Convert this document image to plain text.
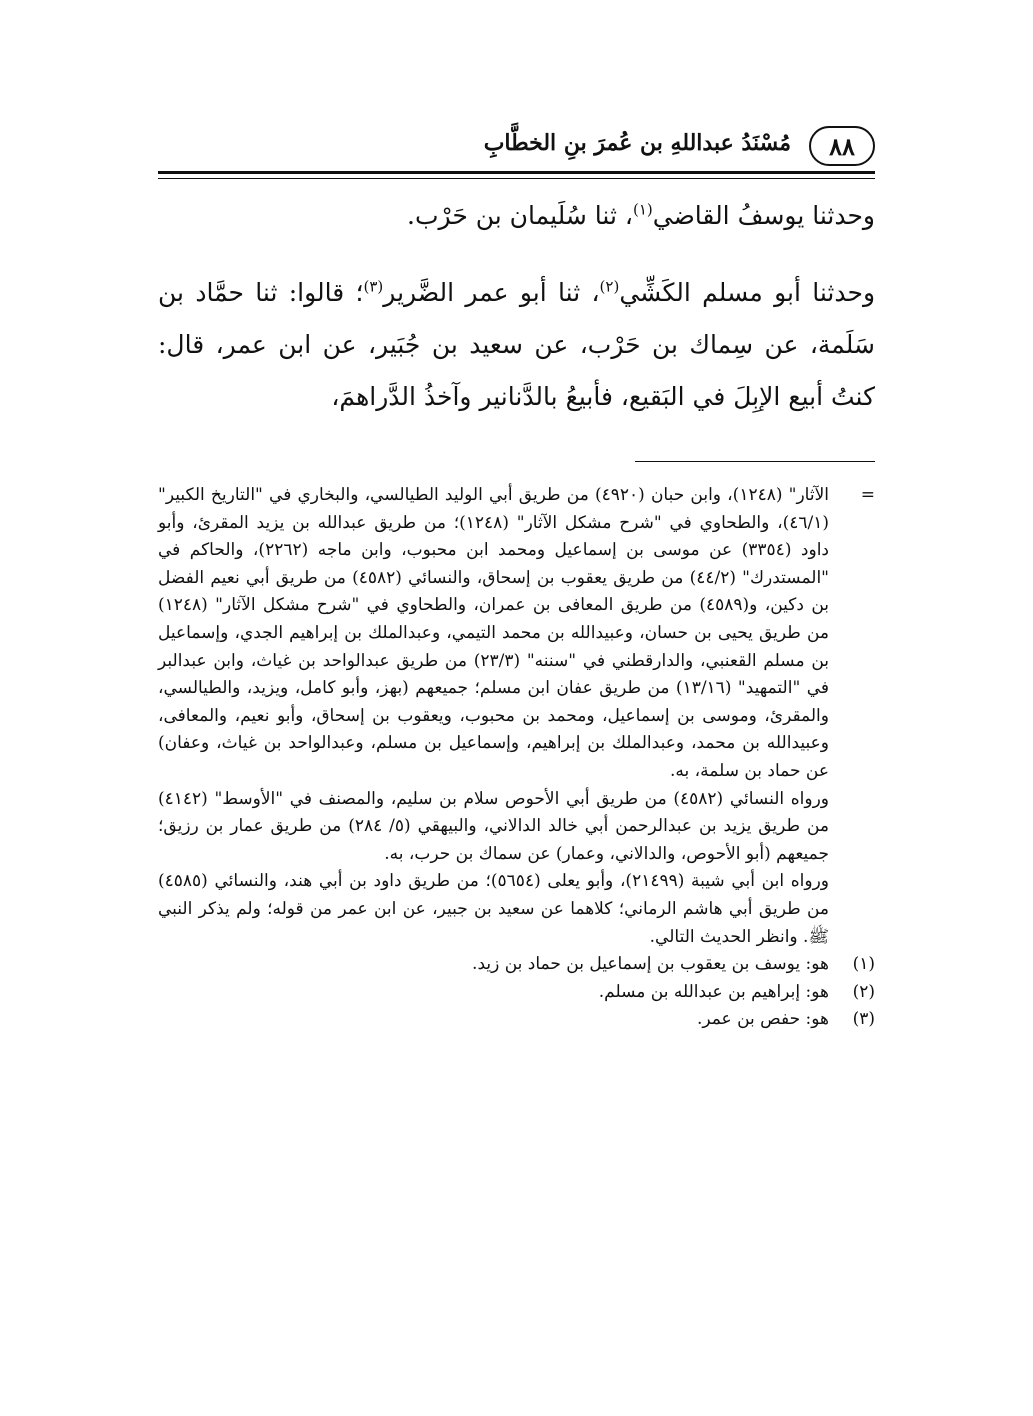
٨٨
مُسْنَدُ عبداللهِ بن عُمرَ بنِ الخطَّابِ

وحدثنا يوسفُ القاضي$^{(١)}$، ثنا سُلَيمان بن حَرْب.

وحدثنا أبو مسلم الكَشِّي$^{(٢)}$، ثنا أبو عمر الضَّرير$^{(٣)}$؛ قالوا: ثنا حمَّاد بن سَلَمة، عن سِماك بن حَرْب، عن سعيد بن جُبَير، عن ابن عمر، قال: كنتُ أبيع الإبِلَ في البَقيع، فأبيعُ بالدَّنانير وآخذُ الدَّراهمَ،

=

الآثار" (١٢٤٨)، وابن حبان (٤٩٢٠) من طريق أبي الوليد الطيالسي، والبخاري في "التاريخ الكبير" (٤٦/١)، والطحاوي في "شرح مشكل الآثار" (١٢٤٨)؛ من طريق عبدالله بن يزيد المقرئ، وأبو داود (٣٣٥٤) عن موسى بن إسماعيل ومحمد ابن محبوب، وابن ماجه (٢٢٦٢)، والحاكم في "المستدرك" (٤٤/٢) من طريق يعقوب بن إسحاق، والنسائي (٤٥٨٢) من طريق أبي نعيم الفضل بن دكين، و(٤٥٨٩) من طريق المعافى بن عمران، والطحاوي في "شرح مشكل الآثار" (١٢٤٨) من طريق يحيى بن حسان، وعبيدالله بن محمد التيمي، وعبدالملك بن إبراهيم الجدي، وإسماعيل بن مسلم القعنبي، والدارقطني في "سننه" (٢٣/٣) من طريق عبدالواحد بن غياث، وابن عبدالبر في "التمهيد" (١٣/١٦) من طريق عفان ابن مسلم؛ جميعهم (بهز، وأبو كامل، ويزيد، والطيالسي، والمقرئ، وموسى بن إسماعيل، ومحمد بن محبوب، ويعقوب بن إسحاق، وأبو نعيم، والمعافى، وعبيدالله بن محمد، وعبدالملك بن إبراهيم، وإسماعيل بن مسلم، وعبدالواحد بن غياث، وعفان) عن حماد بن سلمة، به.

ورواه النسائي (٤٥٨٢) من طريق أبي الأحوص سلام بن سليم، والمصنف في "الأوسط" (٤١٤٢) من طريق يزيد بن عبدالرحمن أبي خالد الدالاني، والبيهقي (٥/ ٢٨٤) من طريق عمار بن رزيق؛ جميعهم (أبو الأحوص، والدالاني، وعمار) عن سماك بن حرب، به.

ورواه ابن أبي شيبة (٢١٤٩٩)، وأبو يعلى (٥٦٥٤)؛ من طريق داود بن أبي هند، والنسائي (٤٥٨٥) من طريق أبي هاشم الرماني؛ كلاهما عن سعيد بن جبير، عن ابن عمر من قوله؛ ولم يذكر النبي ﷺ. وانظر الحديث التالي.

(١)
هو: يوسف بن يعقوب بن إسماعيل بن حماد بن زيد.
(٢)
هو: إبراهيم بن عبدالله بن مسلم.
(٣)
هو: حفص بن عمر.
